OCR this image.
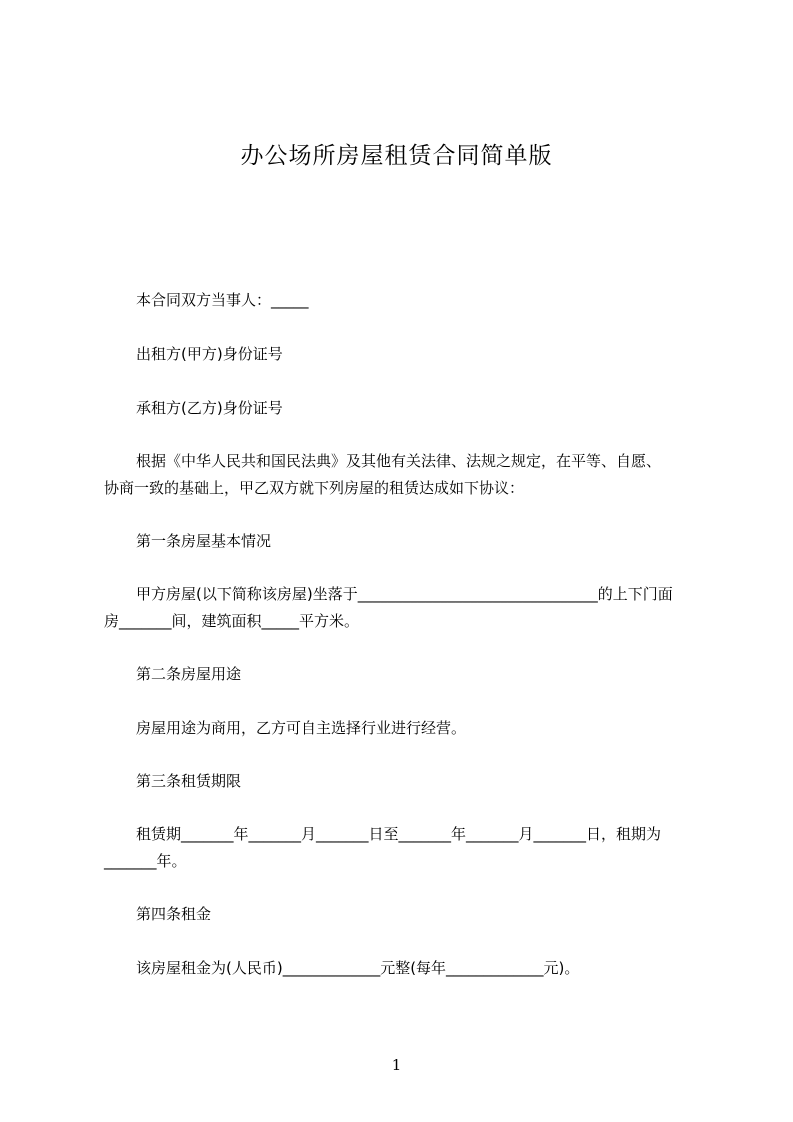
办公场所房屋租赁合同简单版
本合同双方当事人：_____
出租方(甲方)身份证号
承租方(乙方)身份证号
根据《中华人民共和国民法典》及其他有关法律、法规之规定，在平等、自愿、
协商一致的基础上，甲乙双方就下列房屋的租赁达成如下协议：
第一条房屋基本情况
甲方房屋(以下简称该房屋)坐落于________________________________的上下门面
房_______间，建筑面积_____平方米。
第二条房屋用途
房屋用途为商用，乙方可自主选择行业进行经营。
第三条租赁期限
租赁期_______年_______月_______日至_______年_______月_______日，租期为
_______年。
第四条租金
该房屋租金为(人民币)_____________元整(每年_____________元)。
1
